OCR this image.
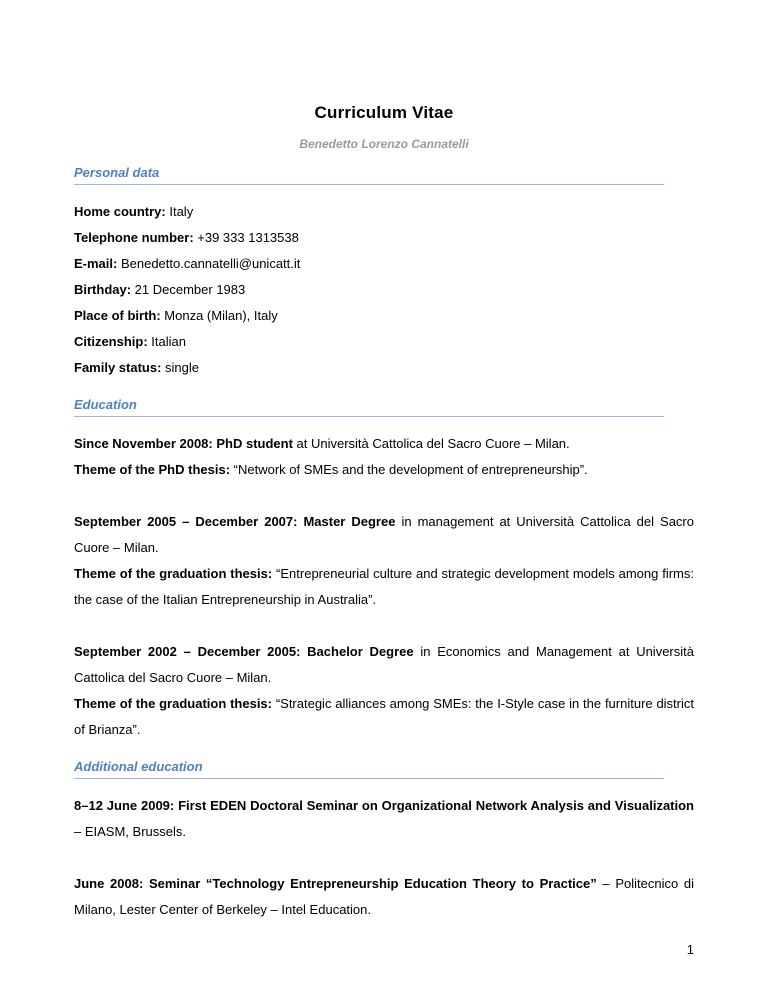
Curriculum Vitae
Benedetto Lorenzo Cannatelli
Personal data
Home country: Italy
Telephone number: +39 333 1313538
E-mail: Benedetto.cannatelli@unicatt.it
Birthday: 21 December 1983
Place of birth: Monza (Milan), Italy
Citizenship: Italian
Family status: single
Education
Since November 2008: PhD student at Università Cattolica del Sacro Cuore – Milan.
Theme of the PhD thesis: “Network of SMEs and the development of entrepreneurship”.
September 2005 – December 2007: Master Degree in management at Università Cattolica del Sacro Cuore – Milan.
Theme of the graduation thesis: “Entrepreneurial culture and strategic development models among firms: the case of the Italian Entrepreneurship in Australia”.
September 2002 – December 2005: Bachelor Degree in Economics and Management at Università Cattolica del Sacro Cuore – Milan.
Theme of the graduation thesis: “Strategic alliances among SMEs: the I-Style case in the furniture district of Brianza”.
Additional education
8–12 June 2009: First EDEN Doctoral Seminar on Organizational Network Analysis and Visualization – EIASM, Brussels.
June 2008: Seminar “Technology Entrepreneurship Education Theory to Practice” – Politecnico di Milano, Lester Center of Berkeley – Intel Education.
1
